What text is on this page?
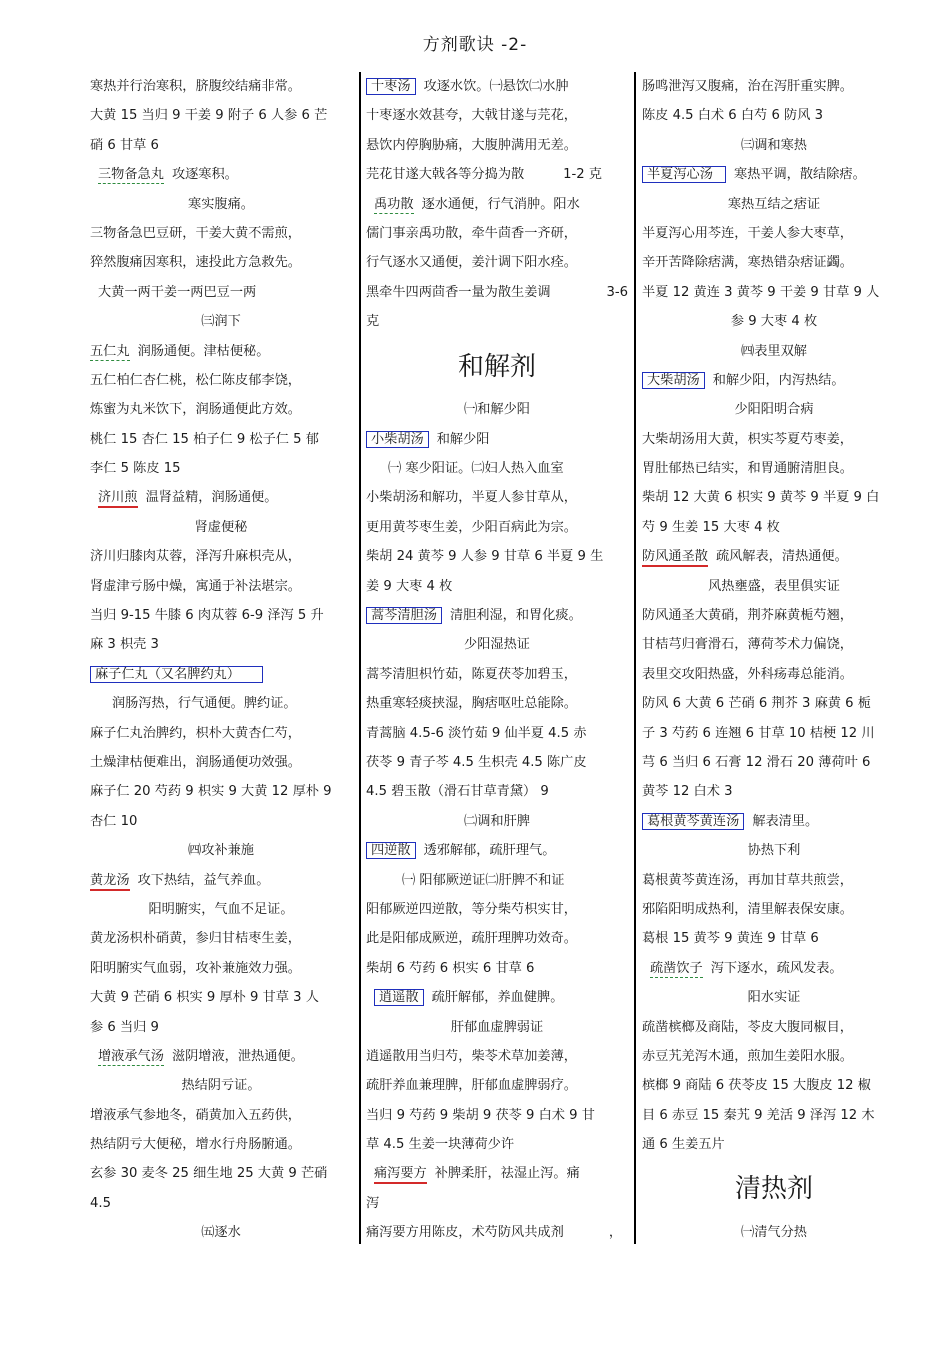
方剂歌诀 -2-
寒热并行治寒积，脐腹绞结痛非常。
大黄 15 当归 9 干姜 9 附子 6 人参 6 芒
硝 6 甘草 6
三物备急丸 攻逐寒积。
寒实腹痛。
三物备急巴豆研，干姜大黄不需煎，
猝然腹痛因寒积，速投此方急救先。
大黄一两干姜一两巴豆一两
㈢润下
五仁丸 润肠通便。津枯便秘。
五仁柏仁杏仁桃，松仁陈皮郁李饶，
炼蜜为丸米饮下，润肠通便此方效。
桃仁 15 杏仁 15 柏子仁 9 松子仁 5 郁
李仁 5 陈皮 15
济川煎 温肾益精，润肠通便。
肾虚便秘
济川归膝肉苁蓉，泽泻升麻枳壳从，
肾虚津亏肠中燥，寓通于补法堪宗。
当归 9-15 牛膝 6 肉苁蓉 6-9 泽泻 5 升
麻 3 枳壳 3
麻子仁丸（又名脾约丸）
润肠泻热，行气通便。脾约证。
麻子仁丸治脾约，枳朴大黄杏仁芍，
土燥津枯便难出，润肠通便功效强。
麻子仁 20 芍药 9 枳实 9 大黄 12 厚朴 9
杏仁 10
㈣攻补兼施
黄龙汤 攻下热结，益气养血。
阳明腑实，气血不足证。
黄龙汤枳朴硝黄，参归甘桔枣生姜，
阳明腑实气血弱，攻补兼施效力强。
大黄 9 芒硝 6 枳实 9 厚朴 9 甘草 3 人
参 6 当归 9
增液承气汤 滋阴增液，泄热通便。
热结阴亏证。
增液承气参地冬，硝黄加入五药供，
热结阴亏大便秘，增水行舟肠腑通。
玄参 30 麦冬 25 细生地 25 大黄 9 芒硝
4.5
㈤逐水
十枣汤 攻逐水饮。㈠悬饮㈡水肿
十枣逐水效甚夸，大戟甘遂与芫花，
悬饮内停胸胁痛，大腹肿满用无差。
芫花甘遂大戟各等分捣为散	1-2 克
禹功散 逐水通便，行气消肿。阳水
儒门事亲禹功散，牵牛茴香一齐研，
行气逐水又通便，姜汁调下阳水痊。
黑牵牛四两茴香一量为散生姜调	3-6
克
和解剂
㈠和解少阳
小柴胡汤 和解少阳
㈠ 寒少阳证。㈡妇人热入血室
小柴胡汤和解功，半夏人参甘草从，
更用黄芩枣生姜，少阳百病此为宗。
柴胡 24 黄芩 9 人参 9 甘草 6 半夏 9 生
姜 9 大枣 4 枚
蒿芩清胆汤 清胆利湿，和胃化痰。
少阳湿热证
蒿芩清胆枳竹茹，陈夏茯苓加碧玉，
热重寒轻痰挟湿，胸痞呕吐总能除。
青蒿脑 4.5-6 淡竹茹 9 仙半夏 4.5 赤
茯苓 9 青子芩 4.5 生枳壳 4.5 陈广皮
4.5 碧玉散（滑石甘草青黛） 9
㈡调和肝脾
四逆散 透邪解郁，疏肝理气。
㈠ 阳郁厥逆证㈡肝脾不和证
阳郁厥逆四逆散，等分柴芍枳实甘，
此是阳郁成厥逆，疏肝理脾功效奇。
柴胡 6 芍药 6 枳实 6 甘草 6
逍遥散 疏肝解郁，养血健脾。
肝郁血虚脾弱证
逍遥散用当归芍，柴苓术草加姜薄，
疏肝养血兼理脾，肝郁血虚脾弱疗。
当归 9 芍药 9 柴胡 9 茯苓 9 白术 9 甘
草 4.5 生姜一块薄荷少许
痛泻要方 补脾柔肝，祛湿止泻。痛
泻
痛泻要方用陈皮，术芍防风共成剂	，
肠鸣泄泻又腹痛，治在泻肝重实脾。
陈皮 4.5 白术 6 白芍 6 防风 3
㈢调和寒热
半夏泻心汤 寒热平调，散结除痞。
寒热互结之痞证
半夏泻心用芩连，干姜人参大枣草，
辛开苦降除痞满，寒热错杂痞证蠲。
半夏 12 黄连 3 黄芩 9 干姜 9 甘草 9 人
参 9 大枣 4 枚
㈣表里双解
大柴胡汤 和解少阳，内泻热结。
少阳阳明合病
大柴胡汤用大黄，枳实芩夏芍枣姜，
胃肚郁热已结实，和胃通腑清胆良。
柴胡 12 大黄 6 枳实 9 黄芩 9 半夏 9 白
芍 9 生姜 15 大枣 4 枚
防风通圣散 疏风解表，清热通便。
风热壅盛，表里俱实证
防风通圣大黄硝，荆芥麻黄栀芍翘，
甘桔芎归膏滑石，薄荷芩术力偏饶，
表里交攻阳热盛，外科疡毒总能消。
防风 6 大黄 6 芒硝 6 荆芥 3 麻黄 6 栀
子 3 芍药 6 连翘 6 甘草 10 桔梗 12 川
芎 6 当归 6 石膏 12 滑石 20 薄荷叶 6
黄芩 12 白术 3
葛根黄芩黄连汤 解表清里。
协热下利
葛根黄芩黄连汤，再加甘草共煎尝，
邪陷阳明成热利，清里解表保安康。
葛根 15 黄芩 9 黄连 9 甘草 6
疏凿饮子 泻下逐水，疏风发表。
阳水实证
疏凿槟榔及商陆，苓皮大腹同椒目，
赤豆艽羌泻木通，煎加生姜阳水服。
槟榔 9 商陆 6 茯苓皮 15 大腹皮 12 椒
目 6 赤豆 15 秦艽 9 羌活 9 泽泻 12 木
通 6 生姜五片
清热剂
㈠清气分热
